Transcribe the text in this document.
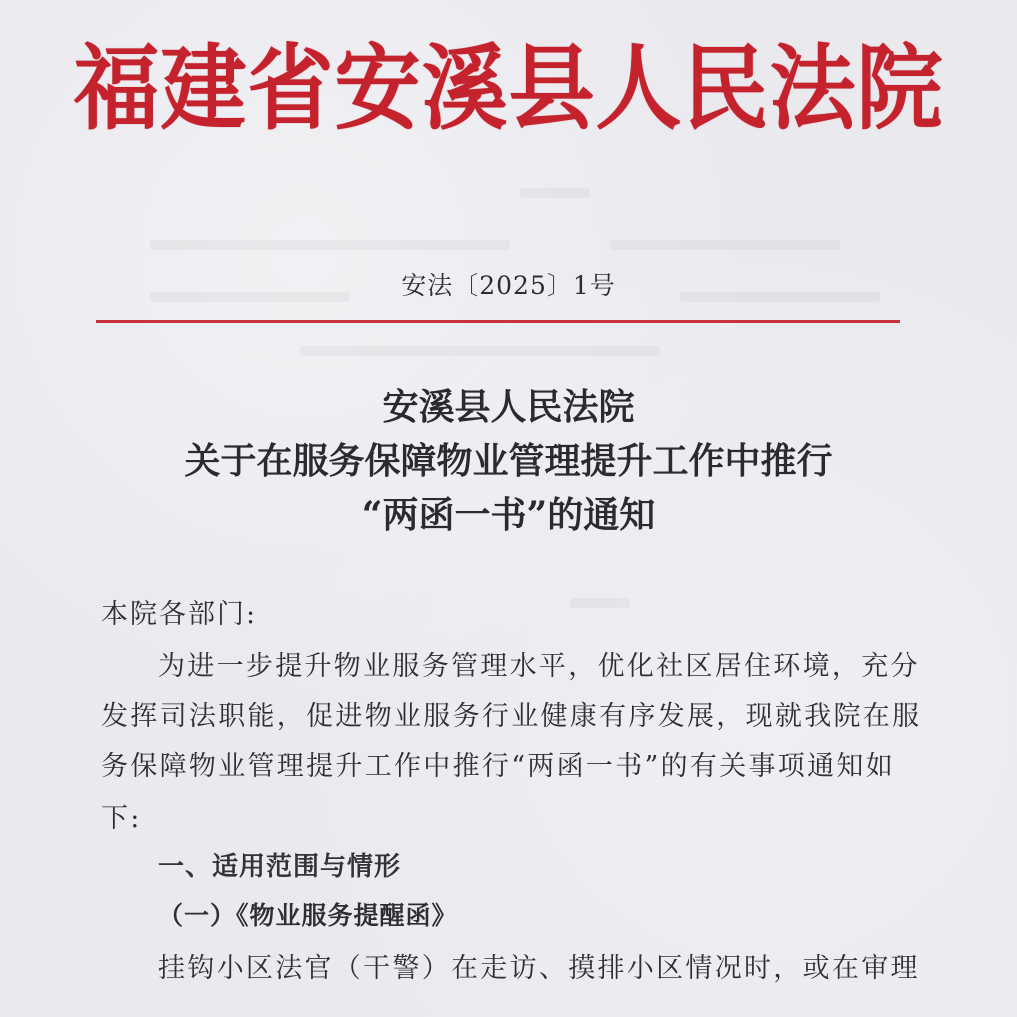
福建省安溪县人民法院
安法〔2025〕1号
安溪县人民法院
关于在服务保障物业管理提升工作中推行
“两函一书”的通知
本院各部门:
为进一步提升物业服务管理水平，优化社区居住环境，充分
发挥司法职能，促进物业服务行业健康有序发展，现就我院在服
务保障物业管理提升工作中推行“两函一书”的有关事项通知如
下:
一、适用范围与情形
（一）《物业服务提醒函》
挂钩小区法官（干警）在走访、摸排小区情况时，或在审理
